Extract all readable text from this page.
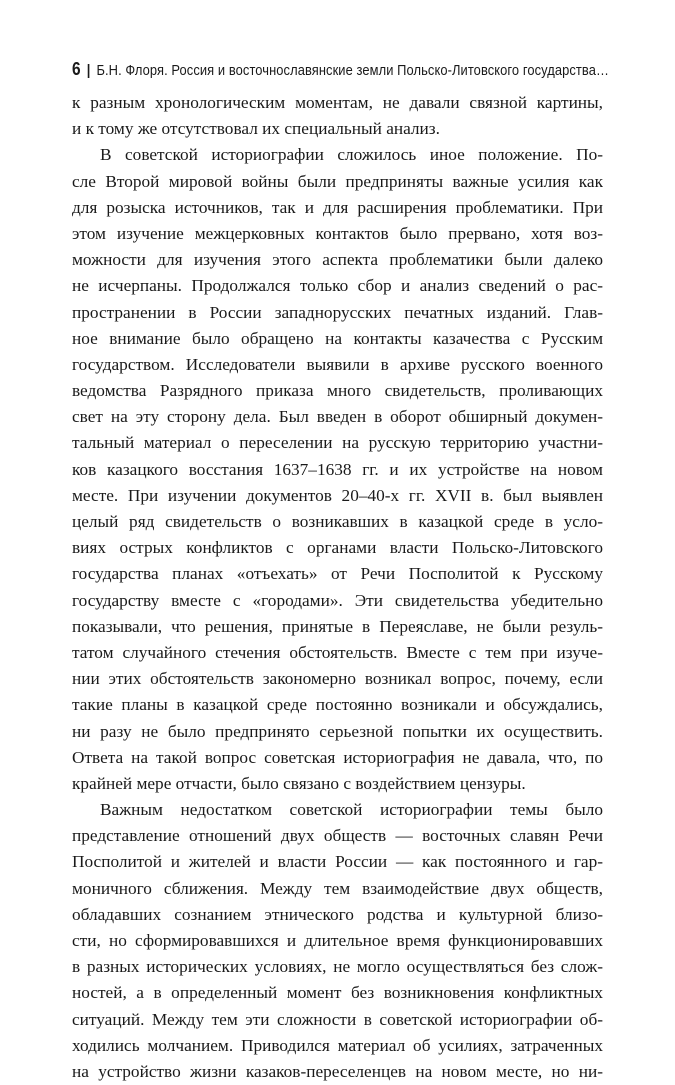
6 | Б.Н. Флоря. Россия и восточнославянские земли Польско-Литовского государства…
к разным хронологическим моментам, не давали связной картины,
и к тому же отсутствовал их специальный анализ.
В советской историографии сложилось иное положение. По-
сле Второй мировой войны были предприняты важные усилия как
для розыска источников, так и для расширения проблематики. При
этом изучение межцерковных контактов было прервано, хотя воз-
можности для изучения этого аспекта проблематики были далеко
не исчерпаны. Продолжался только сбор и анализ сведений о рас-
пространении в России западнорусских печатных изданий. Глав-
ное внимание было обращено на контакты казачества с Русским
государством. Исследователи выявили в архиве русского военного
ведомства Разрядного приказа много свидетельств, проливающих
свет на эту сторону дела. Был введен в оборот обширный докумен-
тальный материал о переселении на русскую территорию участни-
ков казацкого восстания 1637–1638 гг. и их устройстве на новом
месте. При изучении документов 20–40-х гг. XVII в. был выявлен
целый ряд свидетельств о возникавших в казацкой среде в усло-
виях острых конфликтов с органами власти Польско-Литовского
государства планах «отъехать» от Речи Посполитой к Русскому
государству вместе с «городами». Эти свидетельства убедительно
показывали, что решения, принятые в Переяславе, не были резуль-
татом случайного стечения обстоятельств. Вместе с тем при изуче-
нии этих обстоятельств закономерно возникал вопрос, почему, если
такие планы в казацкой среде постоянно возникали и обсуждались,
ни разу не было предпринято серьезной попытки их осуществить.
Ответа на такой вопрос советская историография не давала, что, по
крайней мере отчасти, было связано с воздействием цензуры.
Важным недостатком советской историографии темы было
представление отношений двух обществ — восточных славян Речи
Посполитой и жителей и власти России — как постоянного и гар-
моничного сближения. Между тем взаимодействие двух обществ,
обладавших сознанием этнического родства и культурной близо-
сти, но сформировавшихся и длительное время функционировавших
в разных исторических условиях, не могло осуществляться без слож-
ностей, а в определенный момент без возникновения конфликтных
ситуаций. Между тем эти сложности в советской историографии об-
ходились молчанием. Приводился материал об усилиях, затраченных
на устройство жизни казаков-переселенцев на новом месте, но ни-
